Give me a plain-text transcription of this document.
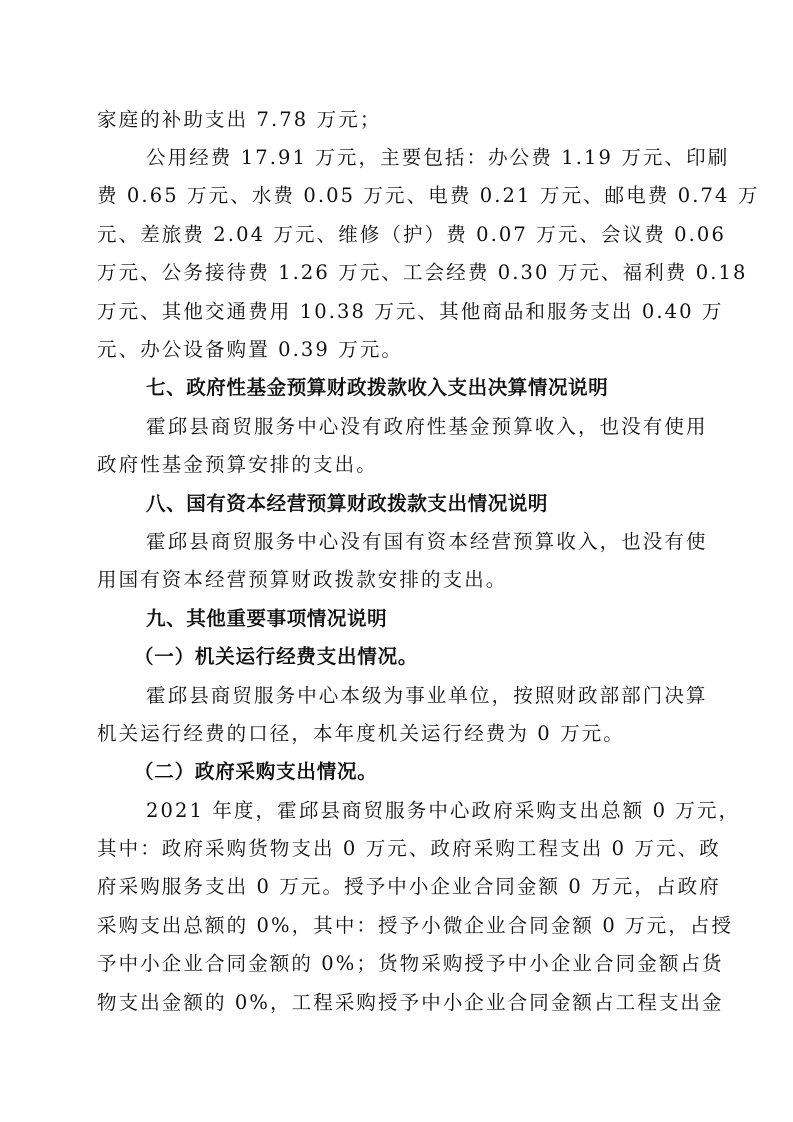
家庭的补助支出 7.78 万元；
公用经费 17.91 万元，主要包括：办公费 1.19 万元、印刷
费 0.65 万元、水费 0.05 万元、电费 0.21 万元、邮电费 0.74 万
元、差旅费 2.04 万元、维修（护）费 0.07 万元、会议费 0.06
万元、公务接待费 1.26 万元、工会经费 0.30 万元、福利费 0.18
万元、其他交通费用 10.38 万元、其他商品和服务支出 0.40 万
元、办公设备购置 0.39 万元。
七、政府性基金预算财政拨款收入支出决算情况说明
霍邱县商贸服务中心没有政府性基金预算收入，也没有使用
政府性基金预算安排的支出。
八、国有资本经营预算财政拨款支出情况说明
霍邱县商贸服务中心没有国有资本经营预算收入，也没有使
用国有资本经营预算财政拨款安排的支出。
九、其他重要事项情况说明
（一）机关运行经费支出情况。
霍邱县商贸服务中心本级为事业单位，按照财政部部门决算
机关运行经费的口径，本年度机关运行经费为 0 万元。
（二）政府采购支出情况。
2021 年度，霍邱县商贸服务中心政府采购支出总额 0 万元，
其中：政府采购货物支出 0 万元、政府采购工程支出 0 万元、政
府采购服务支出 0 万元。授予中小企业合同金额 0 万元，占政府
采购支出总额的 0%，其中：授予小微企业合同金额 0 万元，占授
予中小企业合同金额的 0%；货物采购授予中小企业合同金额占货
物支出金额的 0%，工程采购授予中小企业合同金额占工程支出金
